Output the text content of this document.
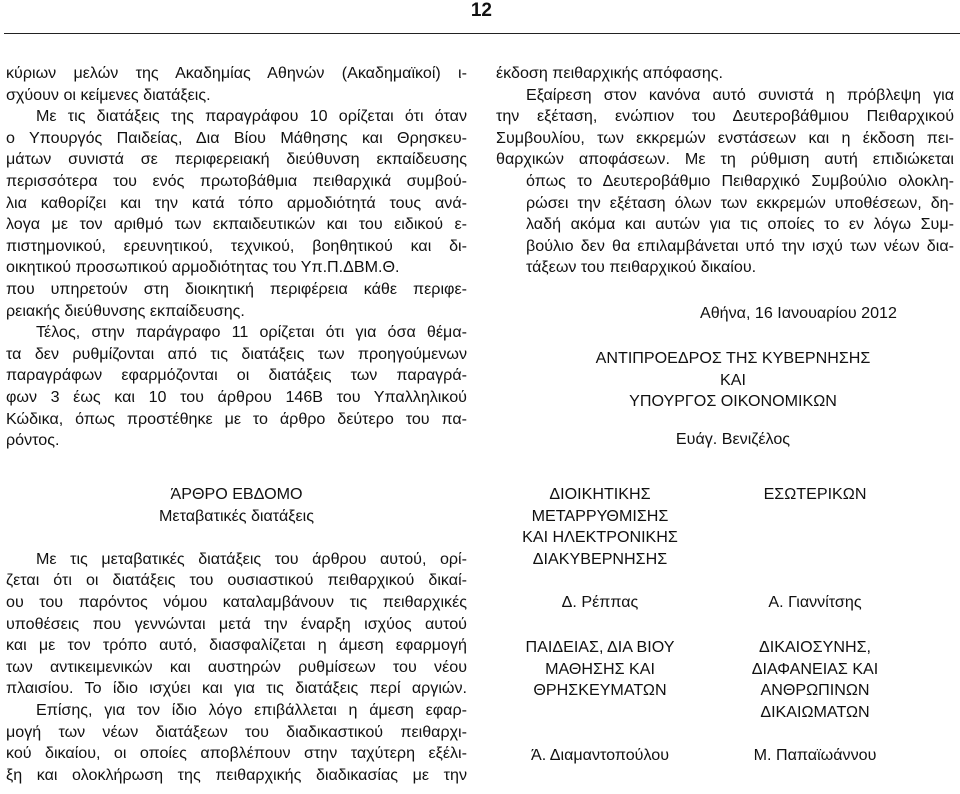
12
κύριων μελών της Ακαδημίας Αθηνών (Ακαδημαϊκοί) ι-
σχύουν οι κείμενες διατάξεις.
Με τις διατάξεις της παραγράφου 10 ορίζεται ότι όταν
ο Υπουργός Παιδείας, Δια Βίου Μάθησης και Θρησκευ-
μάτων συνιστά σε περιφερειακή διεύθυνση εκπαίδευσης
περισσότερα του ενός πρωτοβάθμια πειθαρχικά συμβού-
λια καθορίζει και την κατά τόπο αρμοδιότητά τους ανά-
λογα με τον αριθμό των εκπαιδευτικών και του ειδικού ε-
πιστημονικού, ερευνητικού, τεχνικού, βοηθητικού και δι-
οικητικού προσωπικού αρμοδιότητας του Υπ.Π.ΔΒΜ.Θ.
που υπηρετούν στη διοικητική περιφέρεια κάθε περιφε-
ρειακής διεύθυνσης εκπαίδευσης.
Τέλος, στην παράγραφο 11 ορίζεται ότι για όσα θέμα-
τα δεν ρυθμίζονται από τις διατάξεις των προηγούμενων
παραγράφων εφαρμόζονται οι διατάξεις των παραγρά-
φων 3 έως και 10 του άρθρου 146Β του Υπαλληλικού
Κώδικα, όπως προστέθηκε με το άρθρο δεύτερο του πα-
ρόντος.
ΆΡΘΡΟ ΕΒΔΟΜΟ
Μεταβατικές διατάξεις
Με τις μεταβατικές διατάξεις του άρθρου αυτού, ορί-
ζεται ότι οι διατάξεις του ουσιαστικού πειθαρχικού δικαί-
ου του παρόντος νόμου καταλαμβάνουν τις πειθαρχικές
υποθέσεις που γεννώνται μετά την έναρξη ισχύος αυτού
και με τον τρόπο αυτό, διασφαλίζεται η άμεση εφαρμογή
των αντικειμενικών και αυστηρών ρυθμίσεων του νέου
πλαισίου. Το ίδιο ισχύει και για τις διατάξεις περί αργιών.
Επίσης, για τον ίδιο λόγο επιβάλλεται η άμεση εφαρ-
μογή των νέων διατάξεων του διαδικαστικού πειθαρχι-
κού δικαίου, οι οποίες αποβλέπουν στην ταχύτερη εξέλι-
ξη και ολοκλήρωση της πειθαρχικής διαδικασίας με την
έκδοση πειθαρχικής απόφασης.
Εξαίρεση στον κανόνα αυτό συνιστά η πρόβλεψη για
την εξέταση, ενώπιον του Δευτεροβάθμιου Πειθαρχικού
Συμβουλίου, των εκκρεμών ενστάσεων και η έκδοση πει-
θαρχικών αποφάσεων. Με τη ρύθμιση αυτή επιδιώκεται
όπως το Δευτεροβάθμιο Πειθαρχικό Συμβούλιο ολοκλη-
ρώσει την εξέταση όλων των εκκρεμών υποθέσεων, δη-
λαδή ακόμα και αυτών για τις οποίες το εν λόγω Συμ-
βούλιο δεν θα επιλαμβάνεται υπό την ισχύ των νέων δια-
τάξεων του πειθαρχικού δικαίου.
Αθήνα, 16 Ιανουαρίου 2012
ΑΝΤΙΠΡΟΕΔΡΟΣ ΤΗΣ ΚΥΒΕΡΝΗΣΗΣ
ΚΑΙ
ΥΠΟΥΡΓΟΣ ΟΙΚΟΝΟΜΙΚΩΝ
Ευάγ. Βενιζέλος
ΔΙΟΙΚΗΤΙΚΗΣ
ΜΕΤΑΡΡΥΘΜΙΣΗΣ
ΚΑΙ ΗΛΕΚΤΡΟΝΙΚΗΣ
ΔΙΑΚΥΒΕΡΝΗΣΗΣ
Δ. Ρέππας
ΕΣΩΤΕΡΙΚΩΝ
Α. Γιαννίτσης
ΠΑΙΔΕΙΑΣ, ΔΙΑ ΒΙΟΥ
ΜΑΘΗΣΗΣ ΚΑΙ
ΘΡΗΣΚΕΥΜΑΤΩΝ
Ά. Διαμαντοπούλου
ΔΙΚΑΙΟΣΥΝΗΣ,
ΔΙΑΦΑΝΕΙΑΣ ΚΑΙ
ΑΝΘΡΩΠΙΝΩΝ
ΔΙΚΑΙΩΜΑΤΩΝ
Μ. Παπαϊωάννου
